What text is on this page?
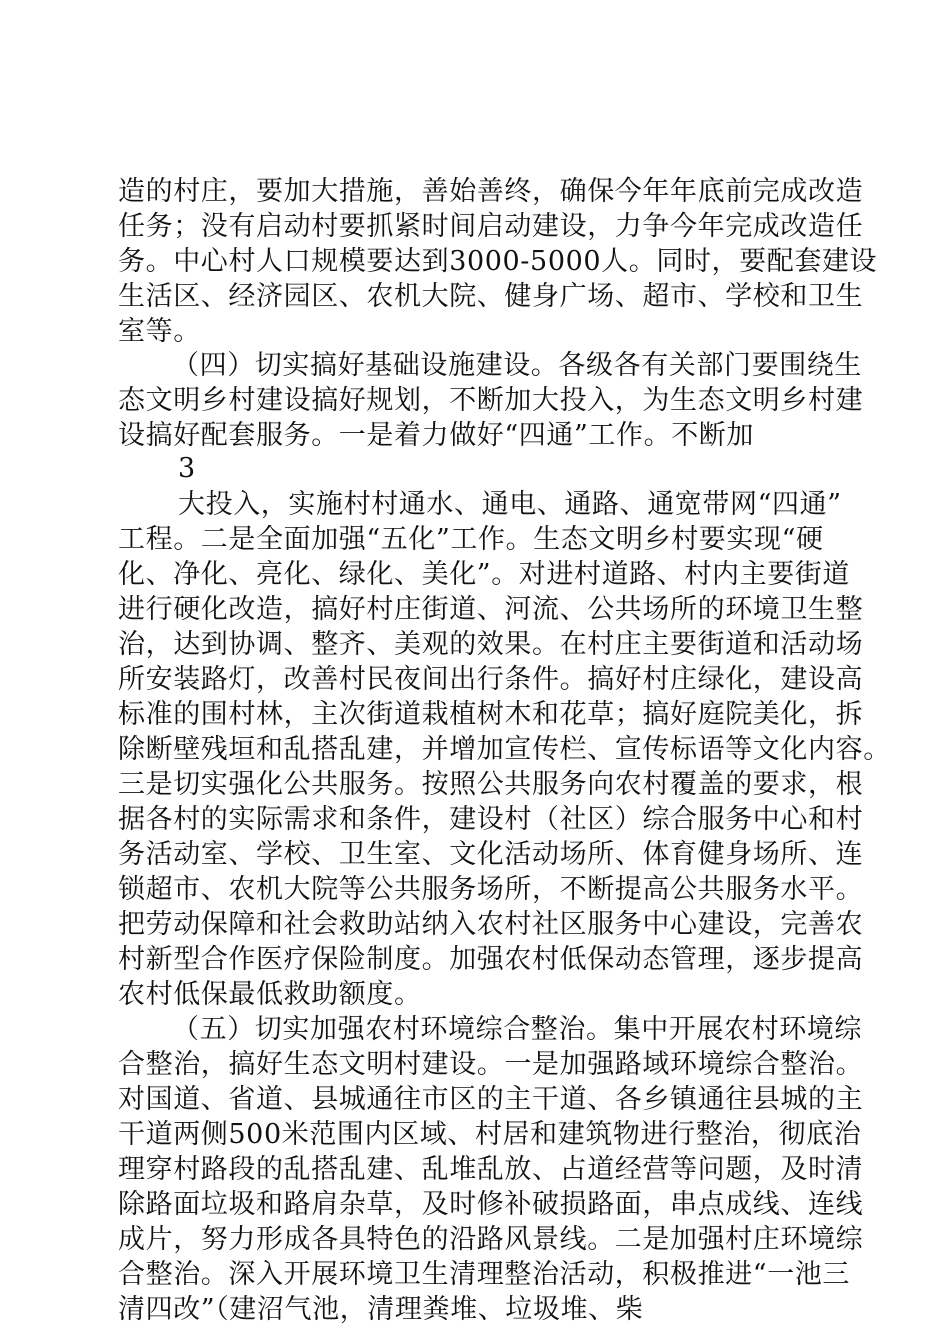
造的村庄，要加大措施，善始善终，确保今年年底前完成改造
任务；没有启动村要抓紧时间启动建设，力争今年完成改造任
务。中心村人口规模要达到3000-5000人。同时，要配套建设
生活区、经济园区、农机大院、健身广场、超市、学校和卫生
室等。
（四）切实搞好基础设施建设。各级各有关部门要围绕生
态文明乡村建设搞好规划，不断加大投入，为生态文明乡村建
设搞好配套服务。一是着力做好“四通”工作。不断加
3
大投入，实施村村通水、通电、通路、通宽带网“四通”
工程。二是全面加强“五化”工作。生态文明乡村要实现“硬
化、净化、亮化、绿化、美化”。对进村道路、村内主要街道
进行硬化改造，搞好村庄街道、河流、公共场所的环境卫生整
治，达到协调、整齐、美观的效果。在村庄主要街道和活动场
所安装路灯，改善村民夜间出行条件。搞好村庄绿化，建设高
标准的围村林，主次街道栽植树木和花草；搞好庭院美化，拆
除断壁残垣和乱搭乱建，并增加宣传栏、宣传标语等文化内容。
三是切实强化公共服务。按照公共服务向农村覆盖的要求，根
据各村的实际需求和条件，建设村（社区）综合服务中心和村
务活动室、学校、卫生室、文化活动场所、体育健身场所、连
锁超市、农机大院等公共服务场所，不断提高公共服务水平。
把劳动保障和社会救助站纳入农村社区服务中心建设，完善农
村新型合作医疗保险制度。加强农村低保动态管理，逐步提高
农村低保最低救助额度。
（五）切实加强农村环境综合整治。集中开展农村环境综
合整治，搞好生态文明村建设。一是加强路域环境综合整治。
对国道、省道、县城通往市区的主干道、各乡镇通往县城的主
干道两侧500米范围内区域、村居和建筑物进行整治，彻底治
理穿村路段的乱搭乱建、乱堆乱放、占道经营等问题，及时清
除路面垃圾和路肩杂草，及时修补破损路面，串点成线、连线
成片，努力形成各具特色的沿路风景线。二是加强村庄环境综
合整治。深入开展环境卫生清理整治活动，积极推进“一池三
清四改”（建沼气池，清理粪堆、垃圾堆、柴
